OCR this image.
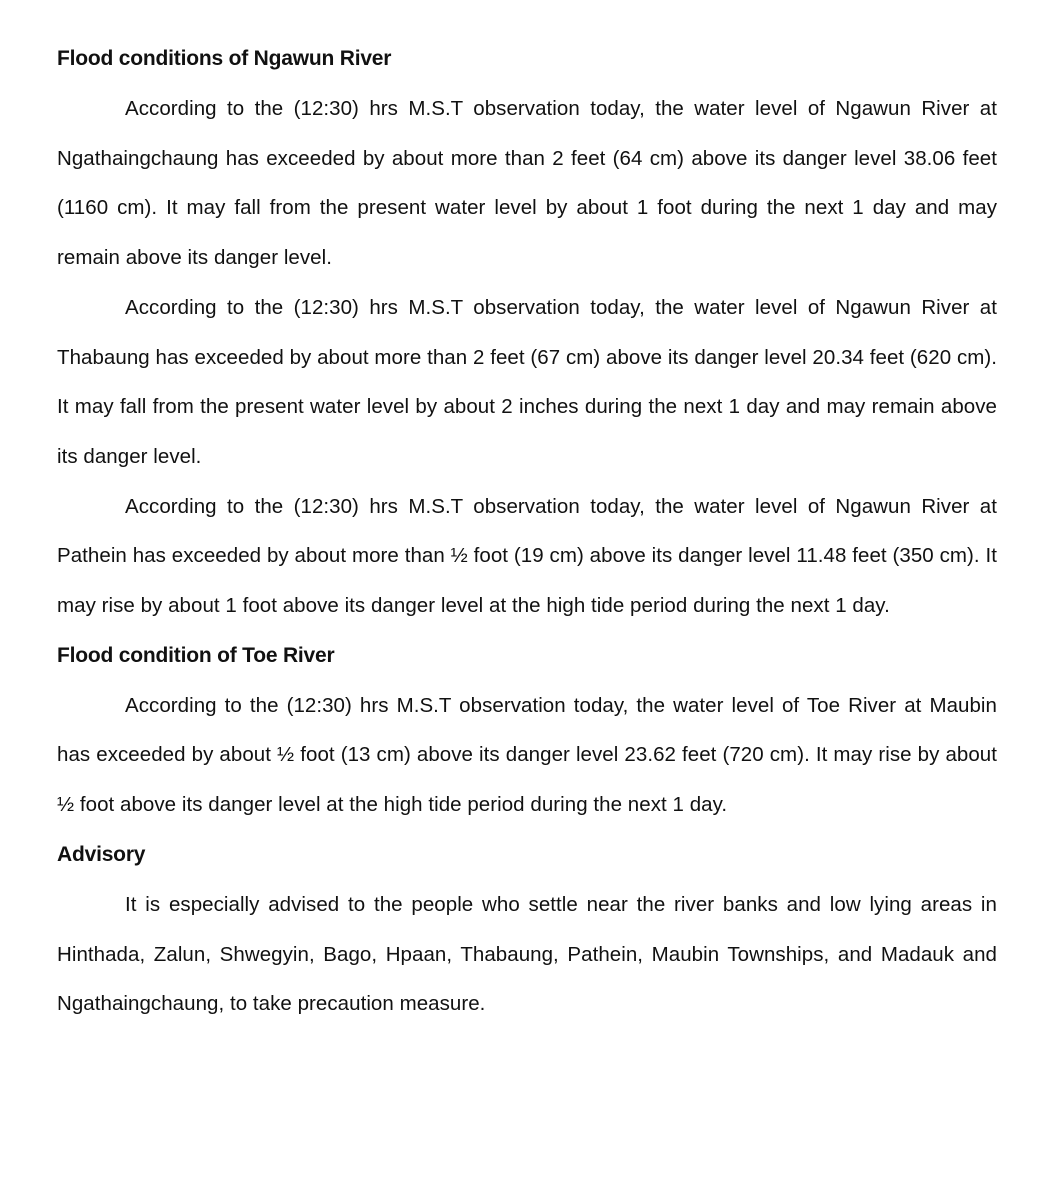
Flood conditions of Ngawun River

According to the (12:30) hrs M.S.T observation today, the water level of Ngawun River at Ngathaingchaung has exceeded by about more than 2 feet (64 cm) above its danger level 38.06 feet (1160 cm). It may fall from the present water level by about 1 foot during the next 1 day and may remain above its danger level.

According to the (12:30) hrs M.S.T observation today, the water level of Ngawun River at Thabaung has exceeded by about more than 2 feet (67 cm) above its danger level 20.34 feet (620 cm). It may fall from the present water level by about 2 inches during the next 1 day and may remain above its danger level.

According to the (12:30) hrs M.S.T observation today, the water level of Ngawun River at Pathein has exceeded by about more than ½ foot (19 cm) above its danger level 11.48 feet (350 cm). It may rise by about 1 foot above its danger level at the high tide period during the next 1 day.

Flood condition of Toe River

According to the (12:30) hrs M.S.T observation today, the water level of Toe River at Maubin has exceeded by about ½ foot (13 cm) above its danger level 23.62 feet (720 cm). It may rise by about ½ foot above its danger level at the high tide period during the next 1 day.

Advisory

It is especially advised to the people who settle near the river banks and low lying areas in Hinthada, Zalun, Shwegyin, Bago, Hpaan, Thabaung, Pathein, Maubin Townships, and Madauk and Ngathaingchaung, to take precaution measure.
